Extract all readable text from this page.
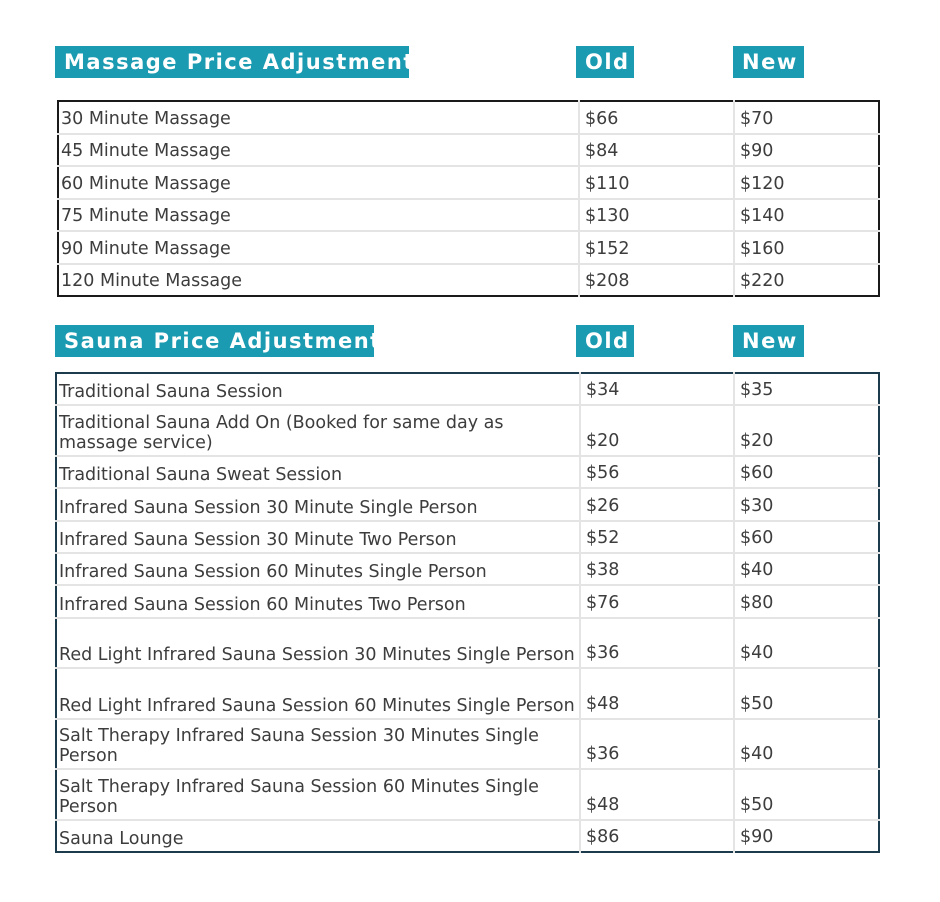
Massage Price Adjustments	Old	New
30 Minute Massage	$66	$70
45 Minute Massage	$84	$90
60 Minute Massage	$110	$120
75 Minute Massage	$130	$140
90 Minute Massage	$152	$160
120 Minute Massage	$208	$220
Sauna Price Adjustments	Old	New
Traditional Sauna Session	$34	$35
Traditional Sauna Add On (Booked for same day as massage service)	$20	$20
Traditional Sauna Sweat Session	$56	$60
Infrared Sauna Session 30 Minute Single Person	$26	$30
Infrared Sauna Session 30 Minute Two Person	$52	$60
Infrared Sauna Session 60 Minutes Single Person	$38	$40
Infrared Sauna Session 60 Minutes Two Person	$76	$80
Red Light Infrared Sauna Session 30 Minutes Single Person	$36	$40
Red Light Infrared Sauna Session 60 Minutes Single Person	$48	$50
Salt Therapy Infrared Sauna Session 30 Minutes Single Person	$36	$40
Salt Therapy Infrared Sauna Session 60 Minutes Single Person	$48	$50
Sauna Lounge	$86	$90
